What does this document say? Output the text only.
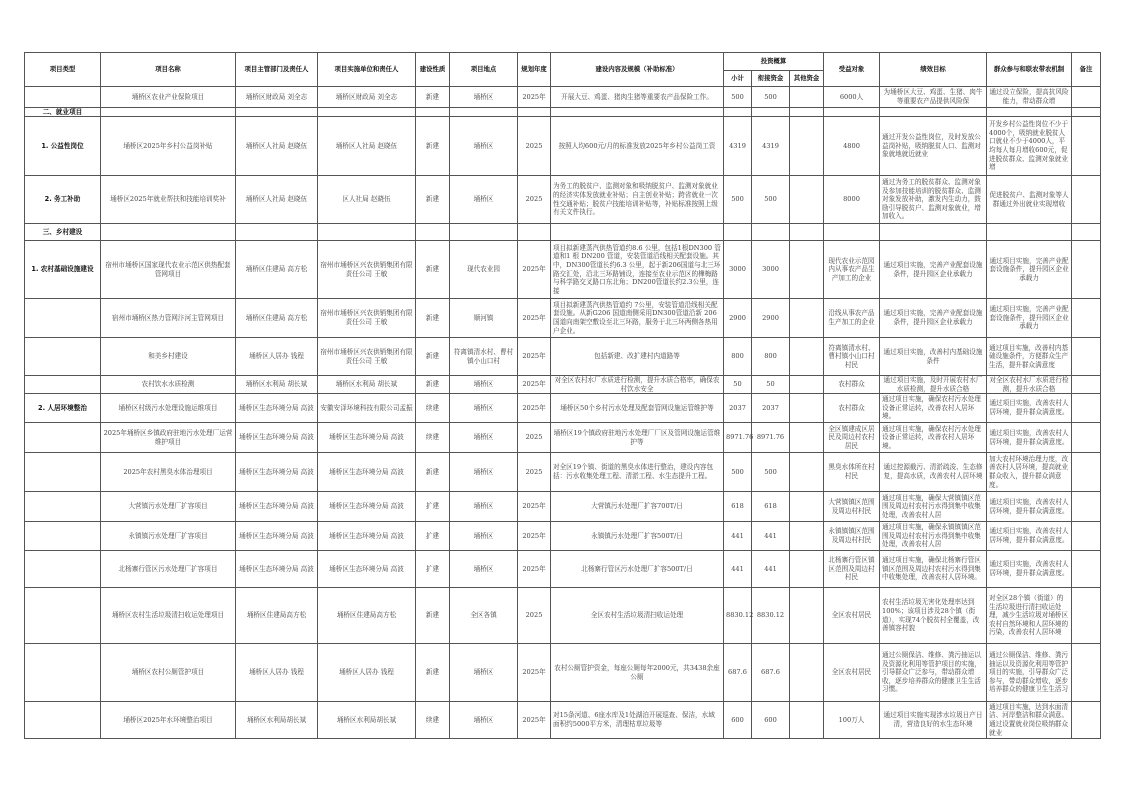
项目类型	项目名称	项目主管部门及责任人	项目实施单位和责任人	建设性质	项目地点	规划年度	建设内容及规模（补助标准）	投资概算			受益对象	绩效目标	群众参与和联农带农机制	备注
								小计	衔接资金	其他资金				

	埇桥区农业产业保险项目	埇桥区财政局 刘全志	埇桥区财政局 刘全志	新建	埇桥区	2025年	开展大豆、鸡蛋、猪肉生猪等重要农产品保险工作。	500	500		6000人	为埇桥区大豆、鸡蛋、生猪、肉牛等重要农产品提供风险保	通过设立保险，提高抗风险能力，带动群众增	

二、就业项目														

1. 公益性岗位	埇桥区2025年乡村公益岗补贴	埇桥区人社局 赵晓伍	埇桥区人社局 赵晓伍	新建	埇桥区	2025	按照人均600元/月的标准发放2025年乡村公益岗工资	4319	4319		4800	通过开发公益性岗位，及时发放公益岗补贴，吸纳脱贫人口、监测对象就地就近就业	开发乡村公益性岗位不少于4000个，吸纳就业脱贫人口就业不少于4000人，平均每人每月增收600元，促进脱贫群众、监测对象就业增	

2. 务工补助	埇桥区2025年就业帮扶和技能培训奖补	埇桥区人社局 赵晓伍	区人社局 赵晓伍	新建	埇桥区	2025	为务工的脱贫户、监测对象和吸纳脱贫户、监测对象就业的经济实体发放就业补贴；自主创业补贴；跨省就业一次性交通补贴；脱贫户技能培训补贴等，补贴标准按照上级有关文件执行。	500	500		8000	通过为务工的脱贫群众、监测对象及参加技能培训的脱贫群众、监测对象发放补助，激发内生动力，鼓励引导脱贫户、监测对象就业，增加收入。	促进脱贫户、监测对象等人群通过外出就业实现增收	

三、乡村建设														

1. 农村基础设施建设	宿州市埇桥区国家现代农业示范区供热配套管网项目	埇桥区住建局 高方松	宿州市埇桥区兴农供销集团有限责任公司 王敏	新建	现代农业园	2025年	项目拟新建蒸汽供热管道约8.6 公里，包括1根DN300 管道和1 根 DN200 管道，安装管道沿线相关配套设施。其中，DN300管道长约6.3 公里，起于新206国道与北三环路交汇处，沿北三环路铺设，连接至农业示范区的樺梅路与科学路交叉路口东北角；DN200管道长约2.3公里，连接	3000	3000		现代农业示范园内从事农产品生产加工的企业	通过项目实施，完善产业配套设施条件，提升园区企业承载力	通过项目实施，完善产业配套设施条件，提升园区企业承载力	

	宿州市埇桥区热力管网汴河主管网项目	埇桥区住建局 高方松	宿州市埇桥区兴农供销集团有限责任公司 王敏	新建	顺河镇	2025年	项目拟新建蒸汽供热管道约 7公里，安装管道沿线相关配套设施。从新G206 国道南侧采用DN300管道沿新 206 国道向南架空敷设至北三环路，服务于北三环两侧各热用户企业。	2900	2900		沿线从事农产品生产加工的企业	通过项目实施，完善产业配套设施条件，提升园区企业承载力	通过项目实施，完善产业配套设施条件，提升园区企业承载力	

	和美乡村建设	埇桥区人居办 钱程	宿州市埇桥区兴农供销集团有限责任公司 王敏	新建	符离镇清水村、曹村镇小山口村	2025年	包括新建、改扩建村内道路等	800	800		符离镇清水村、曹村镇小山口村村民	通过项目实施，改善村内基础设施条件	通过项目实施，改善村内基础设施条件，方便群众生产生活，提升群众满意度	

	农村饮水水质检测	埇桥区水利局 胡长斌	埇桥区水利局 胡长斌	新建	埇桥区	2025年	对全区农村水厂水质进行检测，提升水质合格率，确保农村饮水安全	50	50		农村群众	通过项目实施，及时开展农村水厂水质检测，提升水质合格	对全区农村水厂水质进行检测，提升水质合格	

2. 人居环境整治	埇桥区村级污水处理设施运维项目	埇桥区生态环境分局 高波	安徽安泽环境科技有限公司孟振	续建	埇桥区	2025年	埇桥区50个乡村污水处理及配套管网设施运管维护等	2037	2037		农村群众	通过项目实施，确保农村污水处理设备正常运转，改善农村人居环境。	通过项目实施，改善农村人居环境，提升群众满意度。	

	2025年埇桥区乡镇政府驻地污水处理厂运营维护项目	埇桥区生态环境分局 高波	埇桥区生态环境分局 高波	续建	埇桥区	2025	埇桥区19个镇政府驻地污水处理厂厂区及管网设施运管维护等	8971.76	8971.76		全区镇建成区居民及周边村农村居民	通过项目实施，确保农村污水处理设备正常运转，改善农村人居环境。	通过项目实施，改善农村人居环境，提升群众满意度。	

	2025年农村黑臭水体治理项目	埇桥区生态环境分局 高波	埇桥区生态环境分局 高波	新建	埇桥区	2025	对全区19个镇、街道的黑臭水体进行整治，建设内容包括：污水收集处理工程、清淤工程、水生态提升工程。	500	500		黑臭水体所在村村民	通过控源截污、清淤疏浚、生态修复，提高水质，改善农村人居环境	加大农村环境治理力度，改善农村人居环境，提高就业群众收入，提升群众满意度。	

	大营镇污水处理厂扩容项目	埇桥区生态环境分局 高波	埇桥区生态环境分局 高波	扩建	埇桥区	2025年	大营镇污水处理厂扩容700T/日	618	618		大营镇镇区范围及周边村村民	通过项目实施，确保大营镇镇区范围及周边村农村污水得到集中收集处理，改善农村人居	通过项目实施，改善农村人居环境，提升群众满意度。	

	永镇镇污水处理厂扩容项目	埇桥区生态环境分局 高波	埇桥区生态环境分局 高波	扩建	埇桥区	2025年	永镇镇污水处理厂扩容500T/日	441	441		永镇镇镇区范围及周边村村民	通过项目实施，确保永镇镇镇区范围及周边村农村污水得到集中收集处理，改善农村人居	通过项目实施，改善农村人居环境，提升群众满意度。	

	北杨寨行管区污水处理厂扩容项目	埇桥区生态环境分局 高波	埇桥区生态环境分局 高波	扩建	埇桥区	2025年	北杨寨行管区污水处理厂扩容500T/日	441	441		北杨寨行管区镇区范围及周边村村民	通过项目实施，确保北杨寨行管区镇区范围及周边村农村污水得到集中收集处理，改善农村人居环境。	通过项目实施，改善农村人居环境，提升群众满意度。	

	埇桥区农村生活垃圾清扫收运处理项目	埇桥区住建局高方松	埇桥区住建局高方松	新建	全区各镇	2025	全区农村生活垃圾清扫收运处理	8830.12	8830.12		全区农村居民	农村生活垃圾无害化处理率达到100%；该项目涉及28个镇（街道），实现74个脱贫村全覆盖，改善镇容村貌	对全区28个镇（街道）的生活垃圾进行清扫收运处理，减少生活垃圾对埇桥区农村自然环境和人居环境的污染，改善农村人居环境	

	埇桥区农村公厕管护项目	埇桥区人居办 钱程	埇桥区人居办 钱程	新建	埇桥区	2025年	农村公厕管护资金，每座公厕每年2000元，共3438余座公厕	687.6	687.6		全区农村居民	通过公厕保洁、维修、粪污抽运以及资源化利用等管护项目的实施，引导群众广泛参与，带动群众增收，逐步培养群众的健康卫生生活习惯。	通过公厕保洁、维修、粪污抽运以及资源化利用等管护项目的实施，引导群众广泛参与，带动群众增收，逐步培养群众的健康卫生生活习	

	埇桥区2025年水环境整治项目	埇桥区水利局胡长斌	埇桥区水利局胡长斌	续建	埇桥区	2025年	对15条河道、6座水库及1处湖泊开展巡查、保洁，水域面积约5000平方米，清理枯草垃圾等	600	600		100万人	通过项目实施实现涉水垃圾日产日清，营造良好的水生态环境	通过项目实施，达到水面清洁、河岸整洁和群众满意。通过设置就业岗位吸纳群众就业	
